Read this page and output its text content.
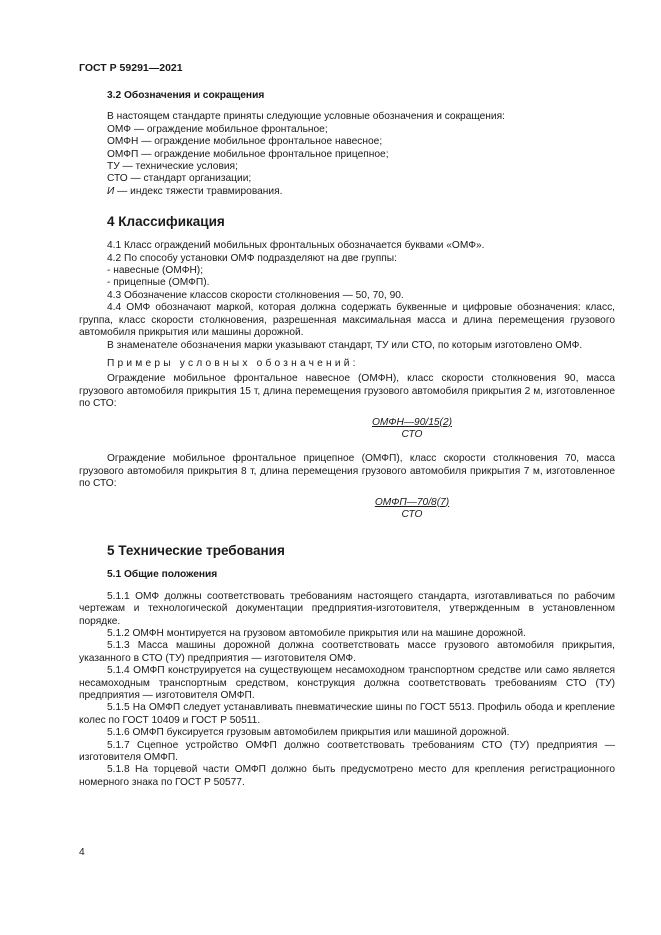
ГОСТ Р 59291—2021
3.2 Обозначения и сокращения

В настоящем стандарте приняты следующие условные обозначения и сокращения:

ОМФ — ограждение мобильное фронтальное;

ОМФН — ограждение мобильное фронтальное навесное;

ОМФП — ограждение мобильное фронтальное прицепное;

ТУ — технические условия;

СТО — стандарт организации;

И — индекс тяжести травмирования.

4 Классификация

4.1 Класс ограждений мобильных фронтальных обозначается буквами «ОМФ».

4.2 По способу установки ОМФ подразделяют на две группы:

- навесные (ОМФН);

- прицепные (ОМФП).

4.3 Обозначение классов скорости столкновения — 50, 70, 90.

4.4 ОМФ обозначают маркой, которая должна содержать буквенные и цифровые обозначения: класс, группа, класс скорости столкновения, разрешенная максимальная масса и длина перемещения грузового автомобиля прикрытия или машины дорожной.

В знаменателе обозначения марки указывают стандарт, ТУ или СТО, по которым изготовлено ОМФ.

Примеры условных обозначений:

Ограждение мобильное фронтальное навесное (ОМФН), класс скорости столкновения 90, масса грузового автомобиля прикрытия 15 т, длина перемещения грузового автомобиля прикрытия 2 м, изготовленное по СТО:

$\frac{\text{ОМФН—90/15(2)}}{\text{СТО}}$

Ограждение мобильное фронтальное прицепное (ОМФП), класс скорости столкновения 70, масса грузового автомобиля прикрытия 8 т, длина перемещения грузового автомобиля прикрытия 7 м, изготовленное по СТО:

$\frac{\text{ОМФП—70/8(7)}}{\text{СТО}}$
5 Технические требования
5.1 Общие положения

5.1.1 ОМФ должны соответствовать требованиям настоящего стандарта, изготавливаться по рабочим чертежам и технологической документации предприятия-изготовителя, утвержденным в установленном порядке.

5.1.2 ОМФН монтируется на грузовом автомобиле прикрытия или на машине дорожной.

5.1.3 Масса машины дорожной должна соответствовать массе грузового автомобиля прикрытия, указанного в СТО (ТУ) предприятия — изготовителя ОМФ.

5.1.4 ОМФП конструируется на существующем несамоходном транспортном средстве или само является несамоходным транспортным средством, конструкция должна соответствовать требованиям СТО (ТУ) предприятия — изготовителя ОМФП.

5.1.5 На ОМФП следует устанавливать пневматические шины по ГОСТ 5513. Профиль обода и крепление колес по ГОСТ 10409 и ГОСТ Р 50511.

5.1.6 ОМФП буксируется грузовым автомобилем прикрытия или машиной дорожной.

5.1.7 Сцепное устройство ОМФП должно соответствовать требованиям СТО (ТУ) предприятия — изготовителя ОМФП.

5.1.8 На торцевой части ОМФП должно быть предусмотрено место для крепления регистрационного номерного знака по ГОСТ Р 50577.

4
